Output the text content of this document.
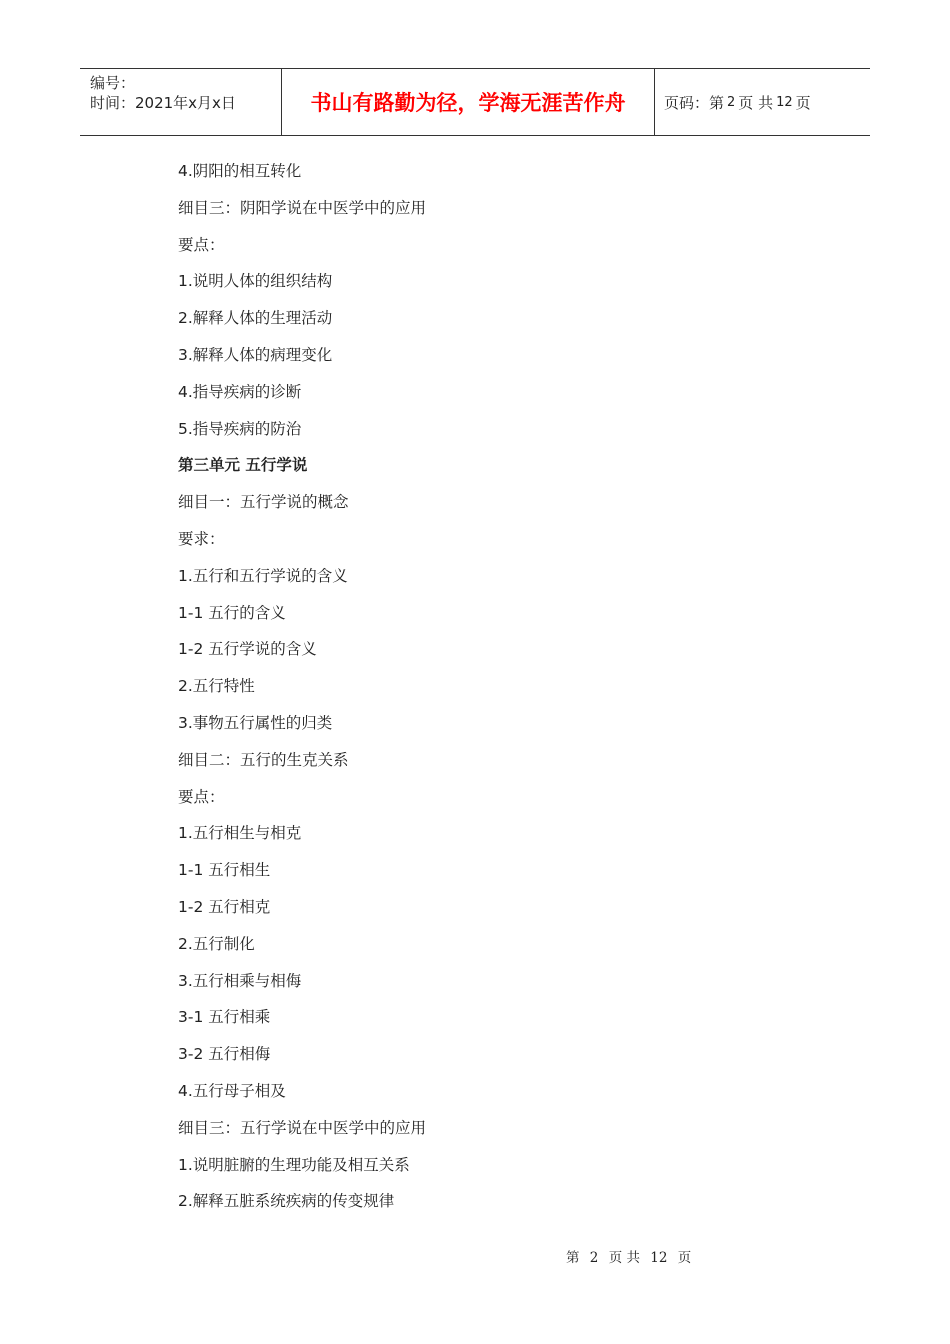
编号：
时间：2021年x月x日	书山有路勤为径，学海无涯苦作舟	页码：第 2 页 共 12 页
4.阴阳的相互转化
细目三：阴阳学说在中医学中的应用
要点：
1.说明人体的组织结构
2.解释人体的生理活动
3.解释人体的病理变化
4.指导疾病的诊断
5.指导疾病的防治
第三单元 五行学说
细目一：五行学说的概念
要求：
1.五行和五行学说的含义
1-1 五行的含义
1-2 五行学说的含义
2.五行特性
3.事物五行属性的归类
细目二：五行的生克关系
要点：
1.五行相生与相克
1-1 五行相生
1-2 五行相克
2.五行制化
3.五行相乘与相侮
3-1 五行相乘
3-2 五行相侮
4.五行母子相及
细目三：五行学说在中医学中的应用
1.说明脏腑的生理功能及相互关系
2.解释五脏系统疾病的传变规律
第 2 页 共 12 页
